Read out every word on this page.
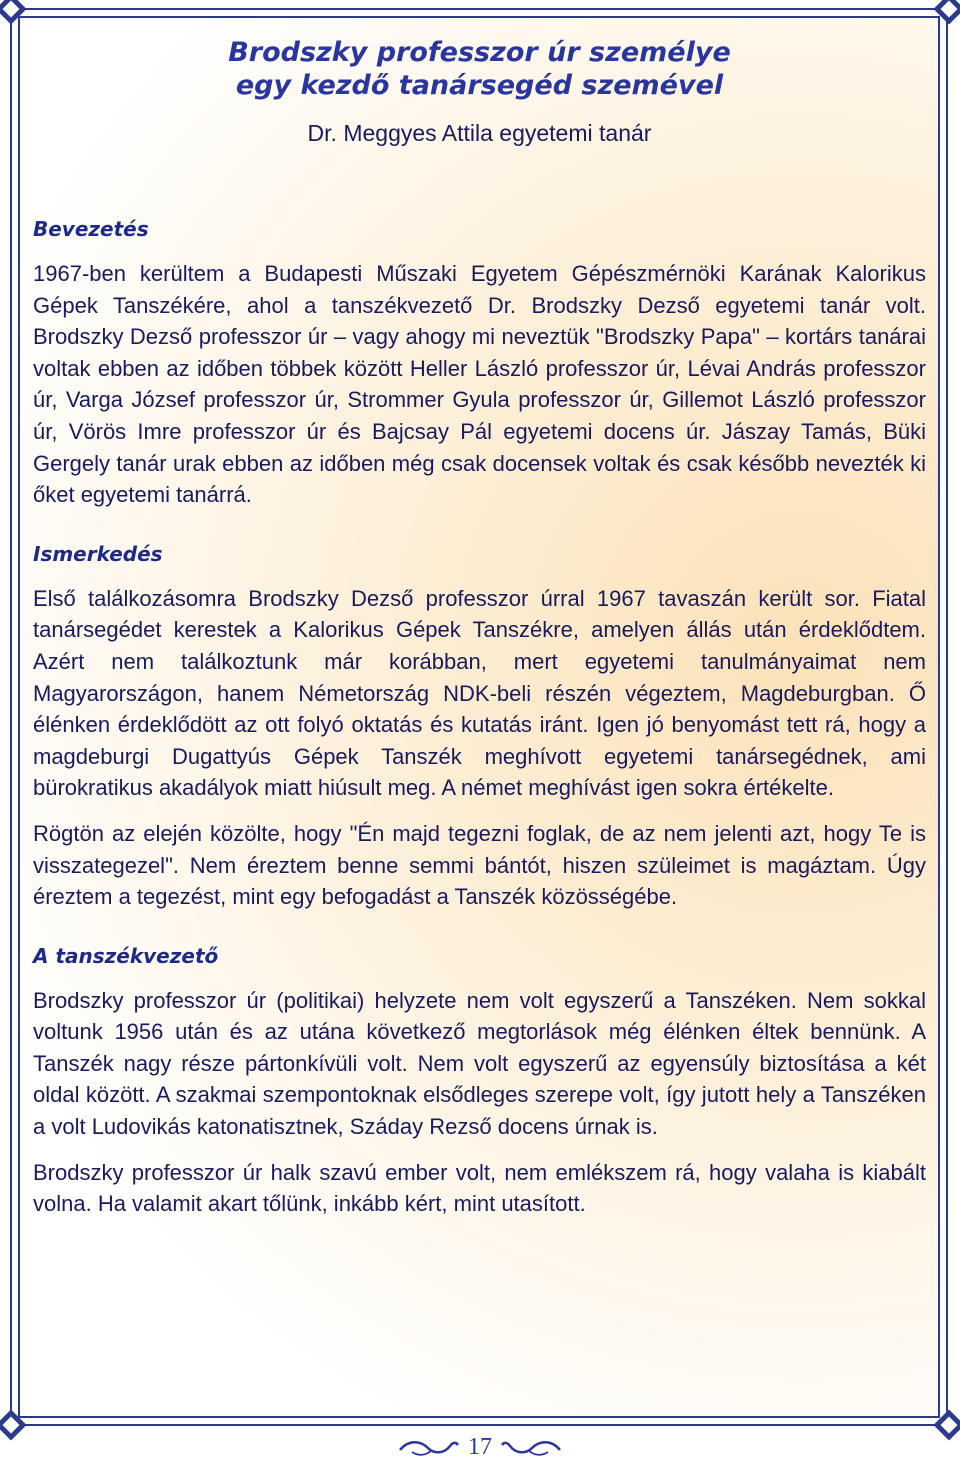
Brodszky professzor úr személye
egy kezdő tanársegéd szemével
Dr. Meggyes Attila egyetemi tanár
Bevezetés

1967-ben kerültem a Budapesti Műszaki Egyetem Gépészmérnöki Karának Kalorikus Gépek Tanszékére, ahol a tanszékvezető Dr. Brodszky Dezső egyetemi tanár volt. Brodszky Dezső professzor úr – vagy ahogy mi neveztük "Brodszky Papa" – kortárs tanárai voltak ebben az időben többek között Heller László professzor úr, Lévai András professzor úr, Varga József professzor úr, Strommer Gyula professzor úr, Gillemot László professzor úr, Vörös Imre professzor úr és Bajcsay Pál egyetemi docens úr. Jászay Tamás, Büki Gergely tanár urak ebben az időben még csak docensek voltak és csak később nevezték ki őket egyetemi tanárrá.

Ismerkedés

Első találkozásomra Brodszky Dezső professzor úrral 1967 tavaszán került sor. Fiatal tanársegédet kerestek a Kalorikus Gépek Tanszékre, amelyen állás után érdeklődtem. Azért nem találkoztunk már korábban, mert egyetemi tanulmányaimat nem Magyarországon, hanem Németország NDK-beli részén végeztem, Magdeburgban. Ő élénken érdeklődött az ott folyó oktatás és kutatás iránt. Igen jó benyomást tett rá, hogy a magdeburgi Dugattyús Gépek Tanszék meghívott egyetemi tanársegédnek, ami bürokratikus akadályok miatt hiúsult meg. A német meghívást igen sokra értékelte.

Rögtön az elején közölte, hogy "Én majd tegezni foglak, de az nem jelenti azt, hogy Te is visszategezel". Nem éreztem benne semmi bántót, hiszen szüleimet is magáztam. Úgy éreztem a tegezést, mint egy befogadást a Tanszék közösségébe.

A tanszékvezető

Brodszky professzor úr (politikai) helyzete nem volt egyszerű a Tanszéken. Nem sokkal voltunk 1956 után és az utána következő megtorlások még élénken éltek bennünk. A Tanszék nagy része pártonkívüli volt. Nem volt egyszerű az egyensúly biztosítása a két oldal között. A szakmai szempontoknak elsődleges szerepe volt, így jutott hely a Tanszéken a volt Ludovikás katonatisztnek, Száday Rezső docens úrnak is.

Brodszky professzor úr halk szavú ember volt, nem emlékszem rá, hogy valaha is kiabált volna. Ha valamit akart tőlünk, inkább kért, mint utasított.

17
